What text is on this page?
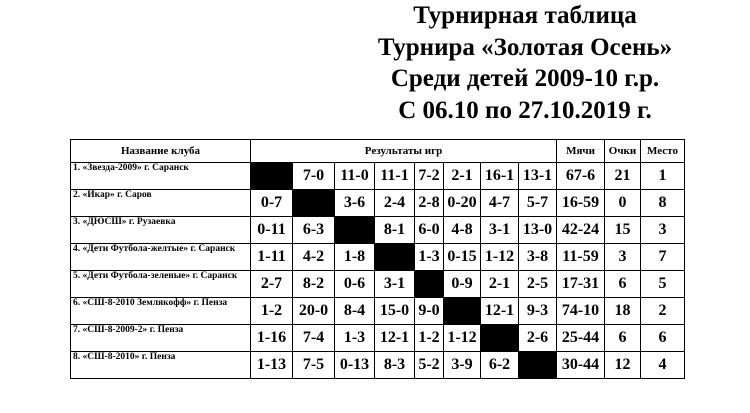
Турнирная таблица
Турнира «Золотая Осень»
Среди детей 2009-10 г.р.
С 06.10 по 27.10.2019 г.
Название клуба	Результаты игр								Мячи	Очки	Место
1. «Звезда-2009» г. Саранск		7-0	11-0	11-1	7-2	2-1	16-1	13-1	67-6	21	1
2. «Икар» г. Саров	0-7		3-6	2-4	2-8	0-20	4-7	5-7	16-59	0	8
3. «ДЮСШ» г. Рузаевка	0-11	6-3		8-1	6-0	4-8	3-1	13-0	42-24	15	3
4. «Дети Футбола-желтые» г. Саранск	1-11	4-2	1-8		1-3	0-15	1-12	3-8	11-59	3	7
5. «Дети Футбола-зеленые» г. Саранск	2-7	8-2	0-6	3-1		0-9	2-1	2-5	17-31	6	5
6. «СШ-8-2010 Землякофф» г. Пенза	1-2	20-0	8-4	15-0	9-0		12-1	9-3	74-10	18	2
7. «СШ-8-2009-2» г. Пенза	1-16	7-4	1-3	12-1	1-2	1-12		2-6	25-44	6	6
8. «СШ-8-2010» г. Пенза	1-13	7-5	0-13	8-3	5-2	3-9	6-2		30-44	12	4
